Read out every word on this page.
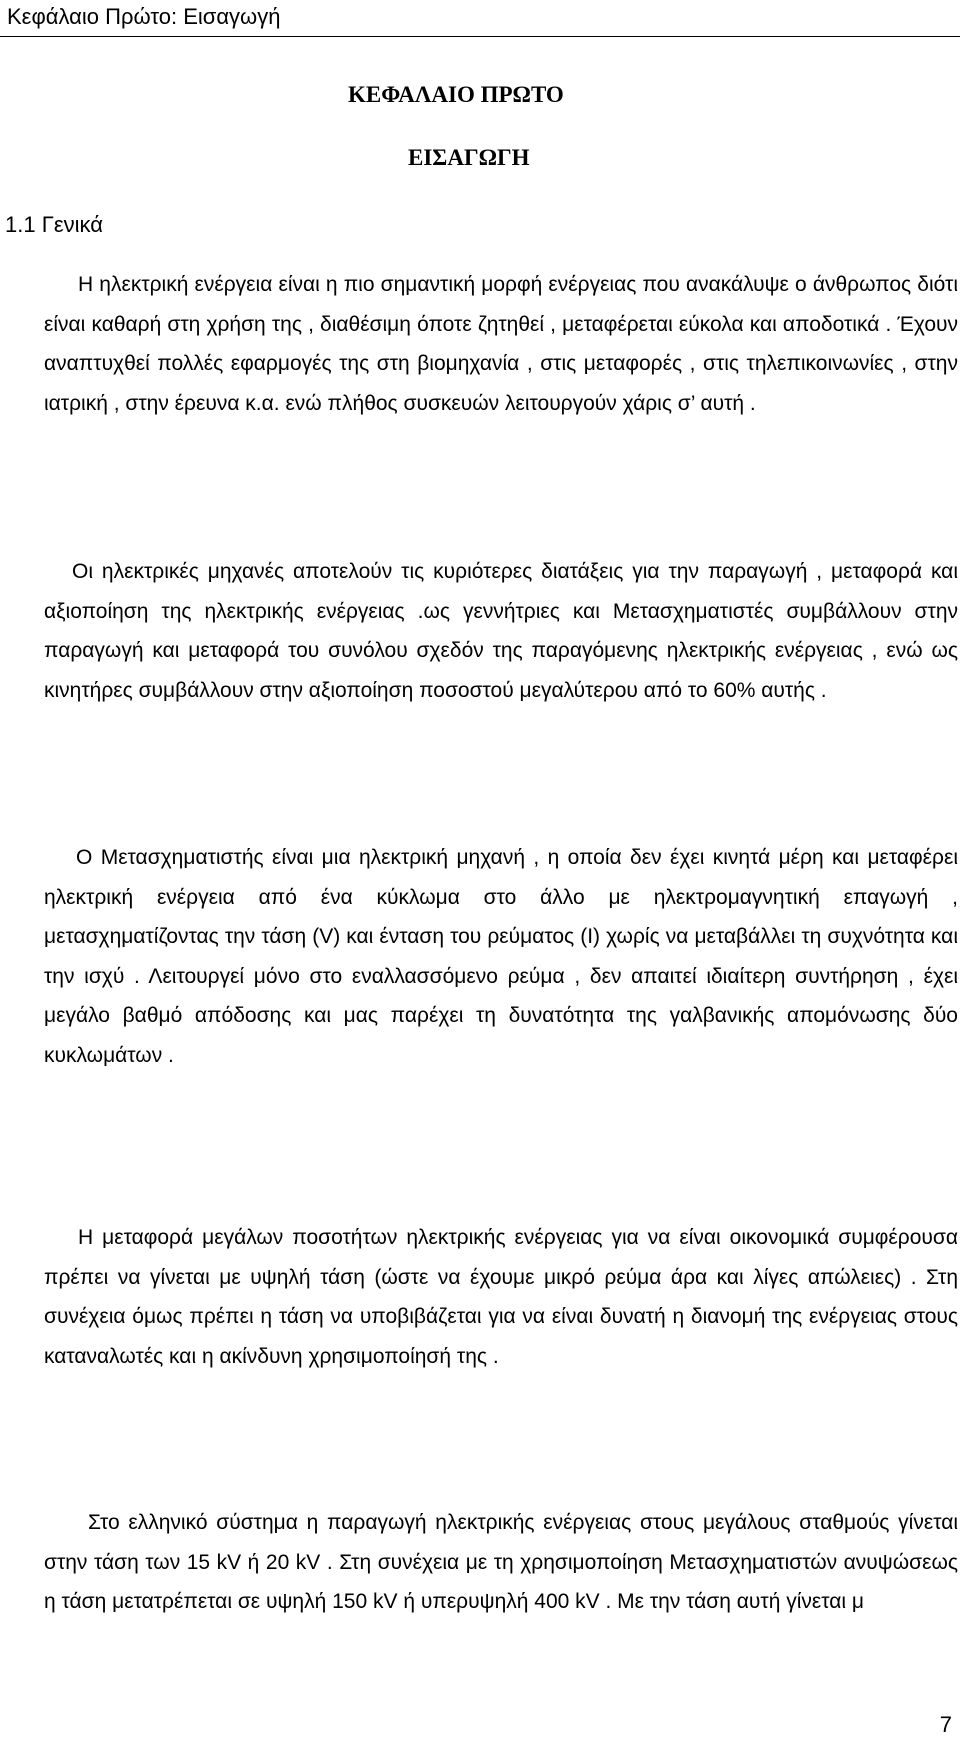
Κεφάλαιο Πρώτο: Εισαγωγή
ΚΕΦΑΛΑΙΟ ΠΡΩΤΟ
ΕΙΣΑΓΩΓΗ
1.1 Γενικά

Η ηλεκτρική ενέργεια είναι η πιο σημαντική μορφή ενέργειας που ανακάλυψε ο άνθρωπος διότι είναι καθαρή στη χρήση της , διαθέσιμη όποτε ζητηθεί , μεταφέρεται εύκολα και αποδοτικά . Έχουν αναπτυχθεί πολλές εφαρμογές της στη βιομηχανία , στις μεταφορές , στις τηλεπικοινωνίες , στην ιατρική , στην έρευνα κ.α. ενώ πλήθος συσκευών λειτουργούν χάρις σ’ αυτή .

Οι ηλεκτρικές μηχανές αποτελούν τις κυριότερες διατάξεις για την παραγωγή , μεταφορά και αξιοποίηση της ηλεκτρικής ενέργειας .ως γεννήτριες και Μετασχηματιστές συμβάλλουν στην παραγωγή και μεταφορά του συνόλου σχεδόν της παραγόμενης ηλεκτρικής ενέργειας , ενώ ως κινητήρες συμβάλλουν στην αξιοποίηση ποσοστού μεγαλύτερου από το 60% αυτής .

Ο Μετασχηματιστής είναι μια ηλεκτρική μηχανή , η οποία δεν έχει κινητά μέρη και μεταφέρει ηλεκτρική ενέργεια από ένα κύκλωμα στο άλλο με ηλεκτρομαγνητική επαγωγή , μετασχηματίζοντας την τάση (V) και ένταση του ρεύματος (I) χωρίς να μεταβάλλει τη συχνότητα και την ισχύ . Λειτουργεί μόνο στο εναλλασσόμενο ρεύμα , δεν απαιτεί ιδιαίτερη συντήρηση , έχει μεγάλο βαθμό απόδοσης και μας παρέχει τη δυνατότητα της γαλβανικής απομόνωσης δύο κυκλωμάτων .

Η μεταφορά μεγάλων ποσοτήτων ηλεκτρικής ενέργειας για να είναι οικονομικά συμφέρουσα πρέπει να γίνεται με υψηλή τάση (ώστε να έχουμε μικρό ρεύμα άρα και λίγες απώλειες) . Στη συνέχεια όμως πρέπει η τάση να υποβιβάζεται για να είναι δυνατή η διανομή της ενέργειας στους καταναλωτές και η ακίνδυνη χρησιμοποίησή της .

Στο ελληνικό σύστημα η παραγωγή ηλεκτρικής ενέργειας στους μεγάλους σταθμούς γίνεται στην τάση των 15 kV ή 20 kV . Στη συνέχεια με τη χρησιμοποίηση Μετασχηματιστών ανυψώσεως η τάση μετατρέπεται σε υψηλή 150 kV ή υπερυψηλή 400 kV . Με την τάση αυτή γίνεται μ

7
